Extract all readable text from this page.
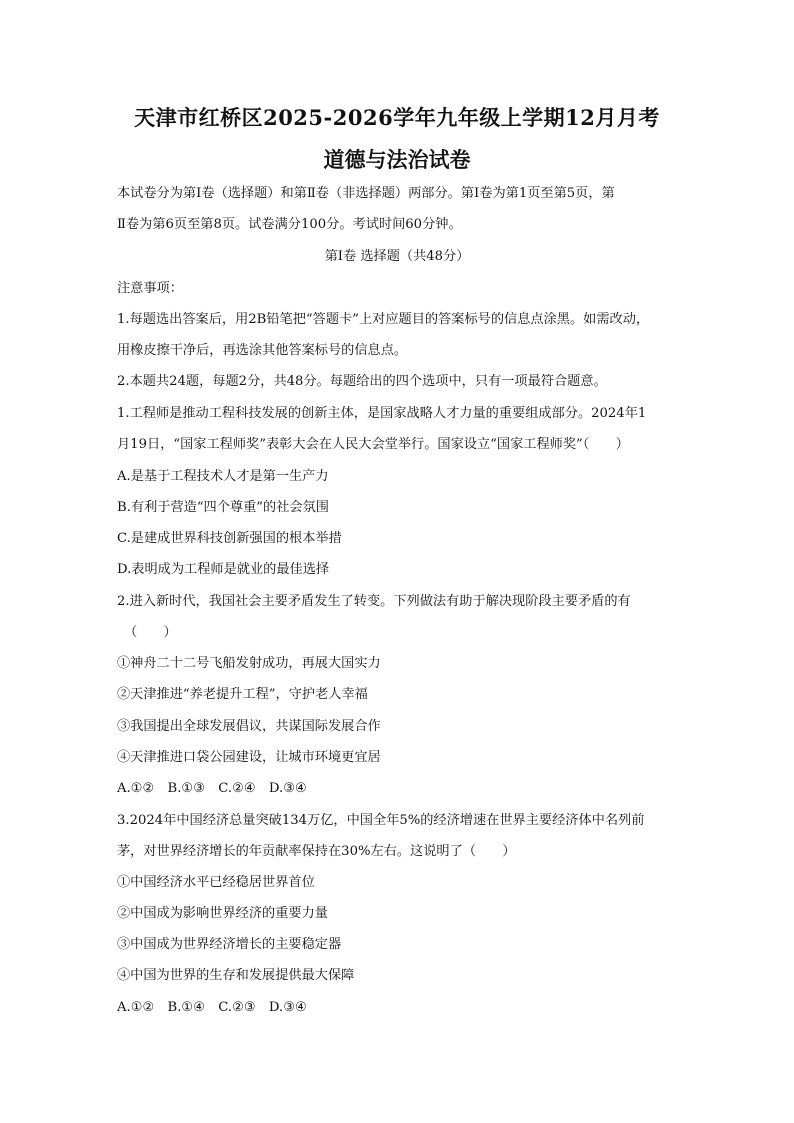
天津市红桥区2025-2026学年九年级上学期12月月考
道德与法治试卷
本试卷分为第Ⅰ卷（选择题）和第Ⅱ卷（非选择题）两部分。第Ⅰ卷为第1页至第5页，第
Ⅱ卷为第6页至第8页。试卷满分100分。考试时间60分钟。
第Ⅰ卷 选择题（共48分）
注意事项：
1.每题选出答案后，用2B铅笔把“答题卡”上对应题目的答案标号的信息点涂黑。如需改动，
用橡皮擦干净后，再选涂其他答案标号的信息点。
2.本题共24题，每题2分，共48分。每题给出的四个选项中，只有一项最符合题意。
1.工程师是推动工程科技发展的创新主体，是国家战略人才力量的重要组成部分。2024年1
月19日，“国家工程师奖”表彰大会在人民大会堂举行。国家设立“国家工程师奖”（　　）
A.是基于工程技术人才是第一生产力
B.有利于营造“四个尊重”的社会氛围
C.是建成世界科技创新强国的根本举措
D.表明成为工程师是就业的最佳选择
2.进入新时代，我国社会主要矛盾发生了转变。下列做法有助于解决现阶段主要矛盾的有
（　　）
①神舟二十二号飞船发射成功，再展大国实力
②天津推进“养老提升工程”，守护老人幸福
③我国提出全球发展倡议，共谋国际发展合作
④天津推进口袋公园建设，让城市环境更宜居
A.①②　B.①③　C.②④　D.③④
3.2024年中国经济总量突破134万亿，中国全年5%的经济增速在世界主要经济体中名列前
茅，对世界经济增长的年贡献率保持在30%左右。这说明了（　　）
①中国经济水平已经稳居世界首位
②中国成为影响世界经济的重要力量
③中国成为世界经济增长的主要稳定器
④中国为世界的生存和发展提供最大保障
A.①②　B.①④　C.②③　D.③④
